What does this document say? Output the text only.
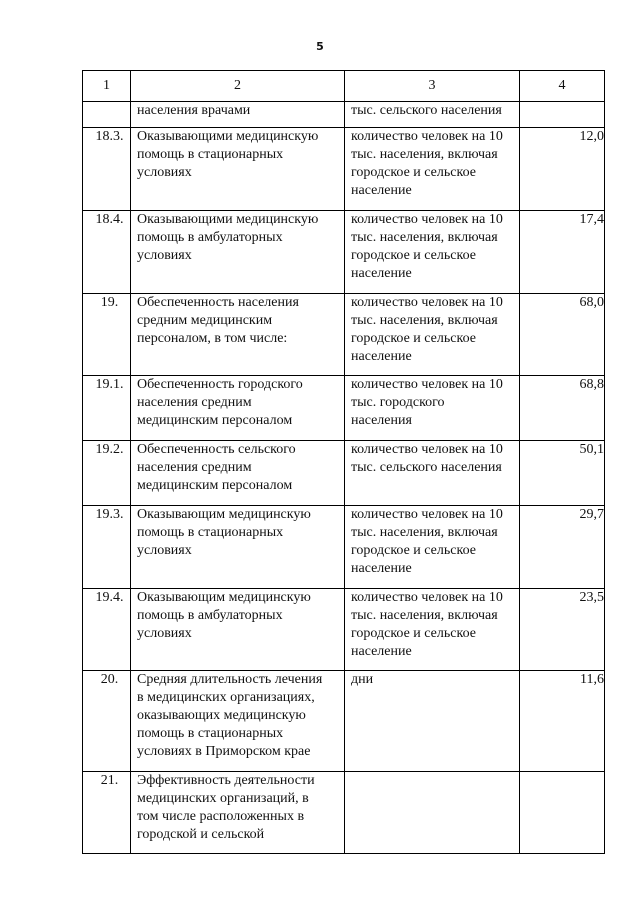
5
1	2	3	4
	населения врачами	тыс. сельского населения	
18.3.	Оказывающими медицинскую
помощь в стационарных
условиях	количество человек на 10
тыс. населения, включая
городское и сельское
население	12,0
18.4.	Оказывающими медицинскую
помощь в амбулаторных
условиях	количество человек на 10
тыс. населения, включая
городское и сельское
население	17,4
19.	Обеспеченность населения
средним медицинским
персоналом, в том числе:	количество человек на 10
тыс. населения, включая
городское и сельское
население	68,0
19.1.	Обеспеченность городского
населения средним
медицинским персоналом	количество человек на 10
тыс. городского
населения	68,8
19.2.	Обеспеченность сельского
населения средним
медицинским персоналом	количество человек на 10
тыс. сельского населения	50,1
19.3.	Оказывающим медицинскую
помощь в стационарных
условиях	количество человек на 10
тыс. населения, включая
городское и сельское
население	29,7
19.4.	Оказывающим медицинскую
помощь в амбулаторных
условиях	количество человек на 10
тыс. населения, включая
городское и сельское
население	23,5
20.	Средняя длительность лечения
в медицинских организациях,
оказывающих медицинскую
помощь в стационарных
условиях в Приморском крае	дни	11,6
21.	Эффективность деятельности
медицинских организаций, в
том числе расположенных в
городской и сельской		
